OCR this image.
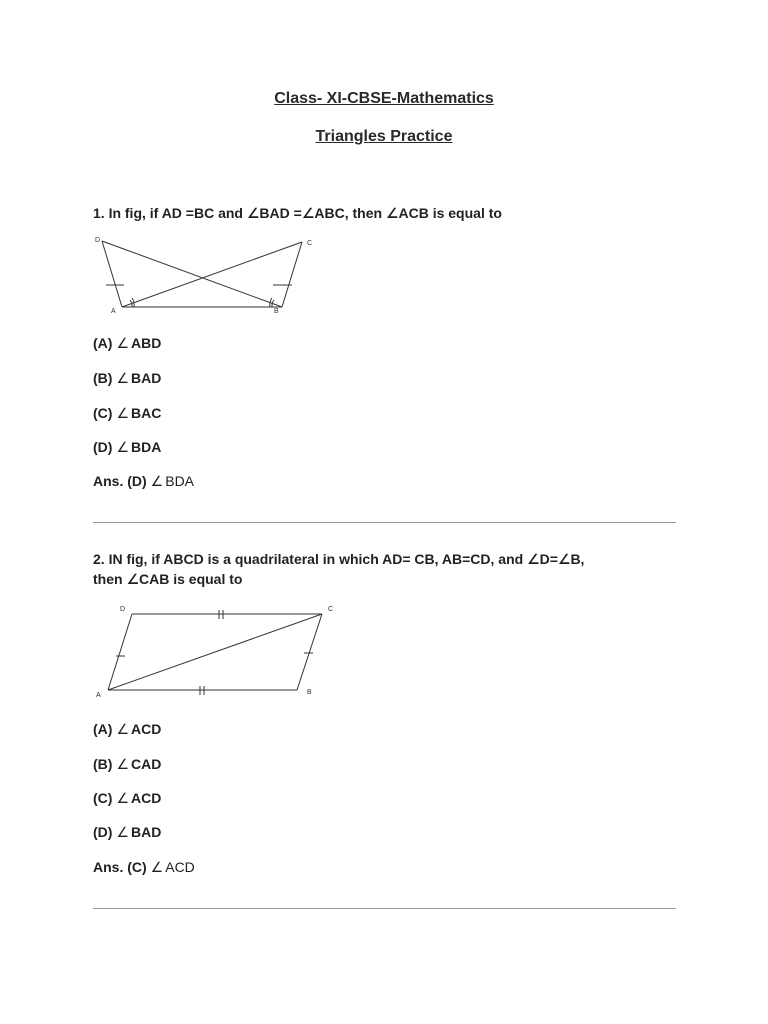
Class- XI-CBSE-Mathematics
Triangles Practice
1. In fig, if AD =BC and ∠BAD =∠ABC, then ∠ACB is equal to
D	C
A	B
(A) ∠ ABD
(B) ∠ BAD
(C) ∠ BAC
(D) ∠ BDA
Ans. (D) ∠ BDA
2. IN fig, if ABCD is a quadrilateral in which AD= CB, AB=CD, and ∠D=∠B,
then ∠CAB is equal to
D	C
A	B
(A) ∠ ACD
(B) ∠ CAD
(C) ∠ ACD
(D) ∠ BAD
Ans. (C) ∠ ACD
